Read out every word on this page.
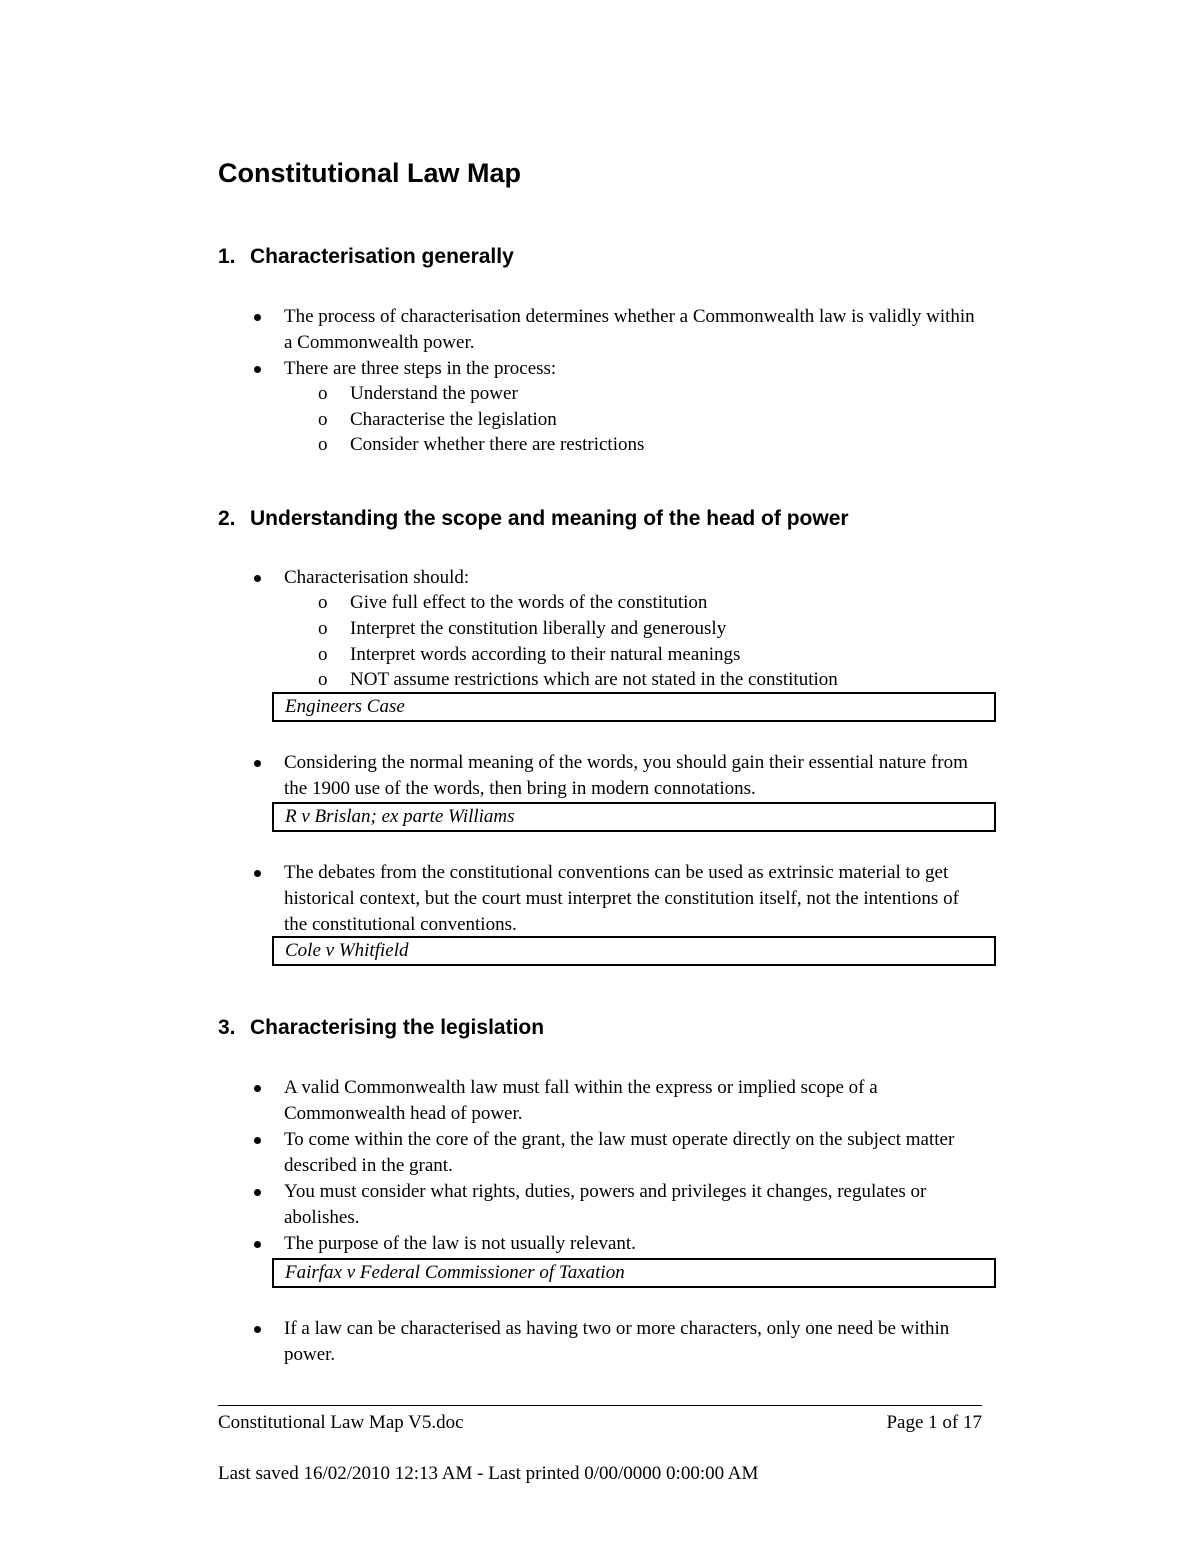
Constitutional Law Map
1. Characterisation generally
The process of characterisation determines whether a Commonwealth law is validly within a Commonwealth power.
There are three steps in the process:
o Understand the power
o Characterise the legislation
o Consider whether there are restrictions
2. Understanding the scope and meaning of the head of power
Characterisation should:
o Give full effect to the words of the constitution
o Interpret the constitution liberally and generously
o Interpret words according to their natural meanings
o NOT assume restrictions which are not stated in the constitution
Engineers Case
Considering the normal meaning of the words, you should gain their essential nature from the 1900 use of the words, then bring in modern connotations.
R v Brislan; ex parte Williams
The debates from the constitutional conventions can be used as extrinsic material to get historical context, but the court must interpret the constitution itself, not the intentions of the constitutional conventions.
Cole v Whitfield
3. Characterising the legislation
A valid Commonwealth law must fall within the express or implied scope of a Commonwealth head of power.
To come within the core of the grant, the law must operate directly on the subject matter described in the grant.
You must consider what rights, duties, powers and privileges it changes, regulates or abolishes.
The purpose of the law is not usually relevant.
Fairfax v Federal Commissioner of Taxation
If a law can be characterised as having two or more characters, only one need be within power.
Constitutional Law Map V5.doc	Page 1 of 17
Last saved 16/02/2010 12:13 AM - Last printed 0/00/0000 0:00:00 AM
